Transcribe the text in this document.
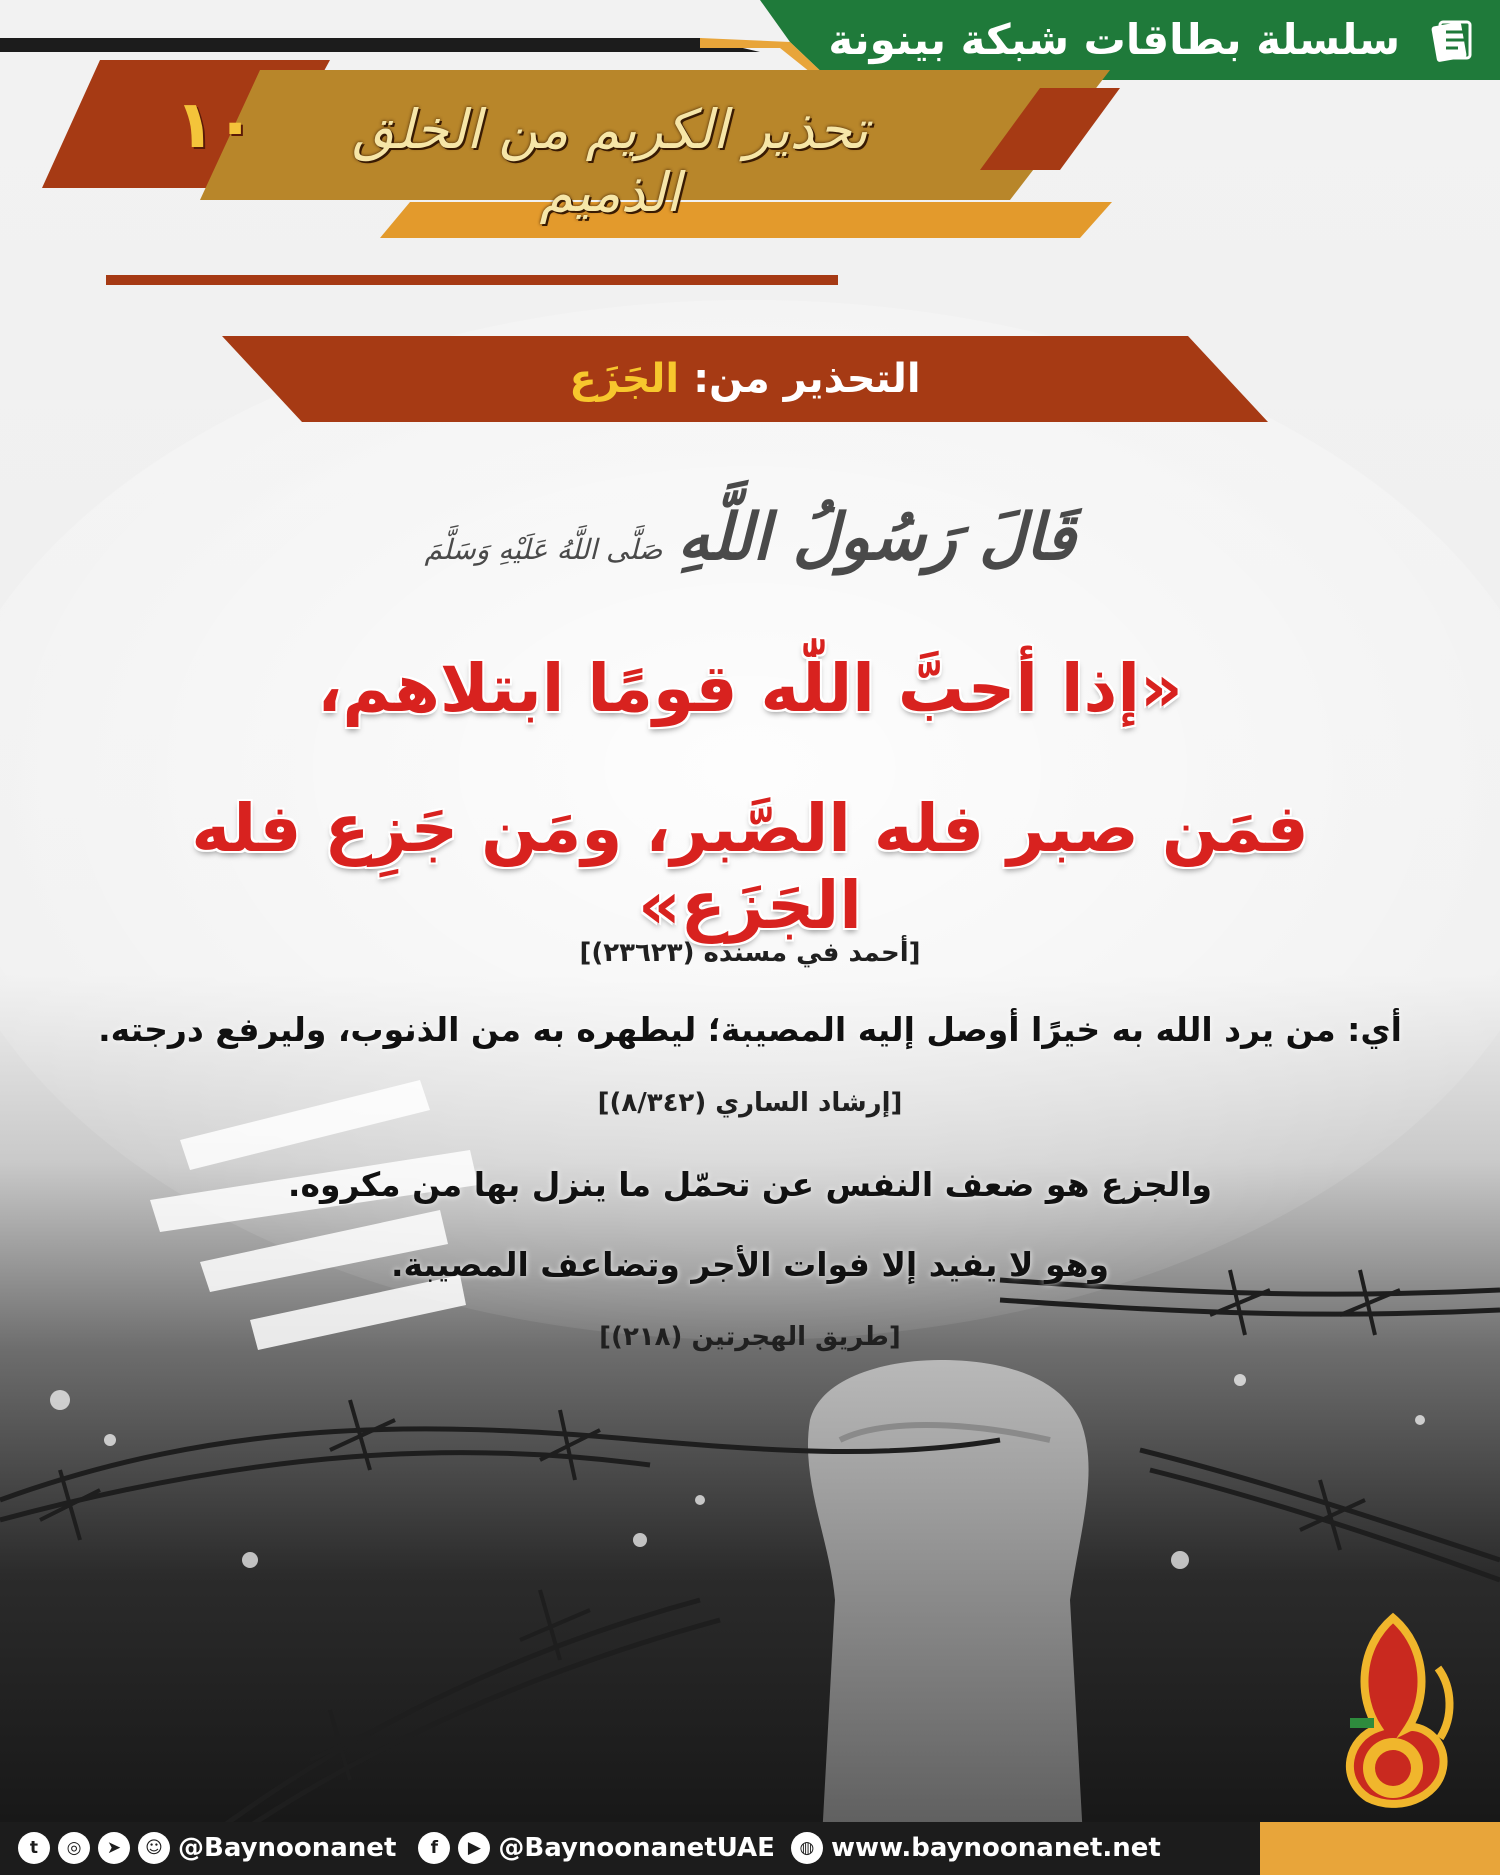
سلسلة بطاقات شبكة بينونة
١٠	تحذير الكريم من الخلق الذميم
التحذير من: الجَزَع
قَالَ رَسُولُ اللَّهِ صَلَّى اللَّهُ عَلَيْهِ وَسَلَّمَ
«إذا أحبَّ اللّٰه قومًا ابتلاهم،
فمَن صبر فله الصَّبر، ومَن جَزِع فله الجَزَع»
[أحمد في مسنده (٢٣٦٢٣)]
أي: من يرد الله به خيرًا أوصل إليه المصيبة؛ ليطهره به من الذنوب، وليرفع درجته.
[إرشاد الساري (٨/٣٤٢)]
والجزع هو ضعف النفس عن تحمّل ما ينزل بها من مكروه.
وهو لا يفيد إلا فوات الأجر وتضاعف المصيبة.
[طريق الهجرتين (٢١٨)]
t	◎	➤	☺ @Baynoonanet	f	▶ @BaynoonanetUAE	◍ www.baynoonanet.net
